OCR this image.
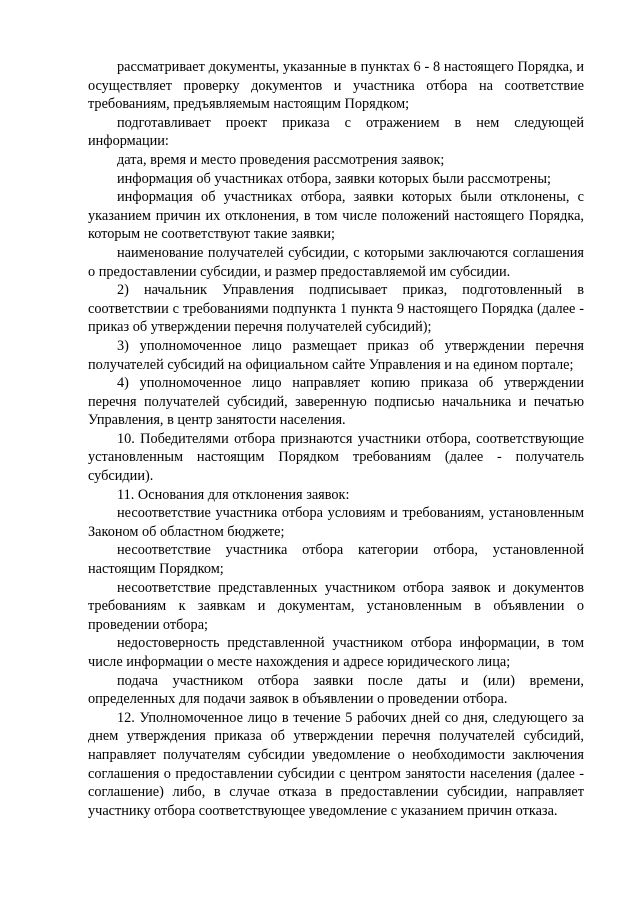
рассматривает документы, указанные в пунктах 6 - 8 настоящего Порядка, и осуществляет проверку документов и участника отбора на соответствие требованиям, предъявляемым настоящим Порядком;

подготавливает проект приказа с отражением в нем следующей информации:

дата, время и место проведения рассмотрения заявок;

информация об участниках отбора, заявки которых были рассмотрены;

информация об участниках отбора, заявки которых были отклонены, с указанием причин их отклонения, в том числе положений настоящего Порядка, которым не соответствуют такие заявки;

наименование получателей субсидии, с которыми заключаются соглашения о предоставлении субсидии, и размер предоставляемой им субсидии.

2) начальник Управления подписывает приказ, подготовленный в соответствии с требованиями подпункта 1 пункта 9 настоящего Порядка (далее - приказ об утверждении перечня получателей субсидий);

3) уполномоченное лицо размещает приказ об утверждении перечня получателей субсидий на официальном сайте Управления и на едином портале;

4) уполномоченное лицо направляет копию приказа об утверждении перечня получателей субсидий, заверенную подписью начальника и печатью Управления, в центр занятости населения.

10. Победителями отбора признаются участники отбора, соответствующие установленным настоящим Порядком требованиям (далее - получатель субсидии).

11. Основания для отклонения заявок:

несоответствие участника отбора условиям и требованиям, установленным Законом об областном бюджете;

несоответствие участника отбора категории отбора, установленной настоящим Порядком;

несоответствие представленных участником отбора заявок и документов требованиям к заявкам и документам, установленным в объявлении о проведении отбора;

недостоверность представленной участником отбора информации, в том числе информации о месте нахождения и адресе юридического лица;

подача участником отбора заявки после даты и (или) времени, определенных для подачи заявок в объявлении о проведении отбора.

12. Уполномоченное лицо в течение 5 рабочих дней со дня, следующего за днем утверждения приказа об утверждении перечня получателей субсидий, направляет получателям субсидии уведомление о необходимости заключения соглашения о предоставлении субсидии с центром занятости населения (далее - соглашение) либо, в случае отказа в предоставлении субсидии, направляет участнику отбора соответствующее уведомление с указанием причин отказа.
